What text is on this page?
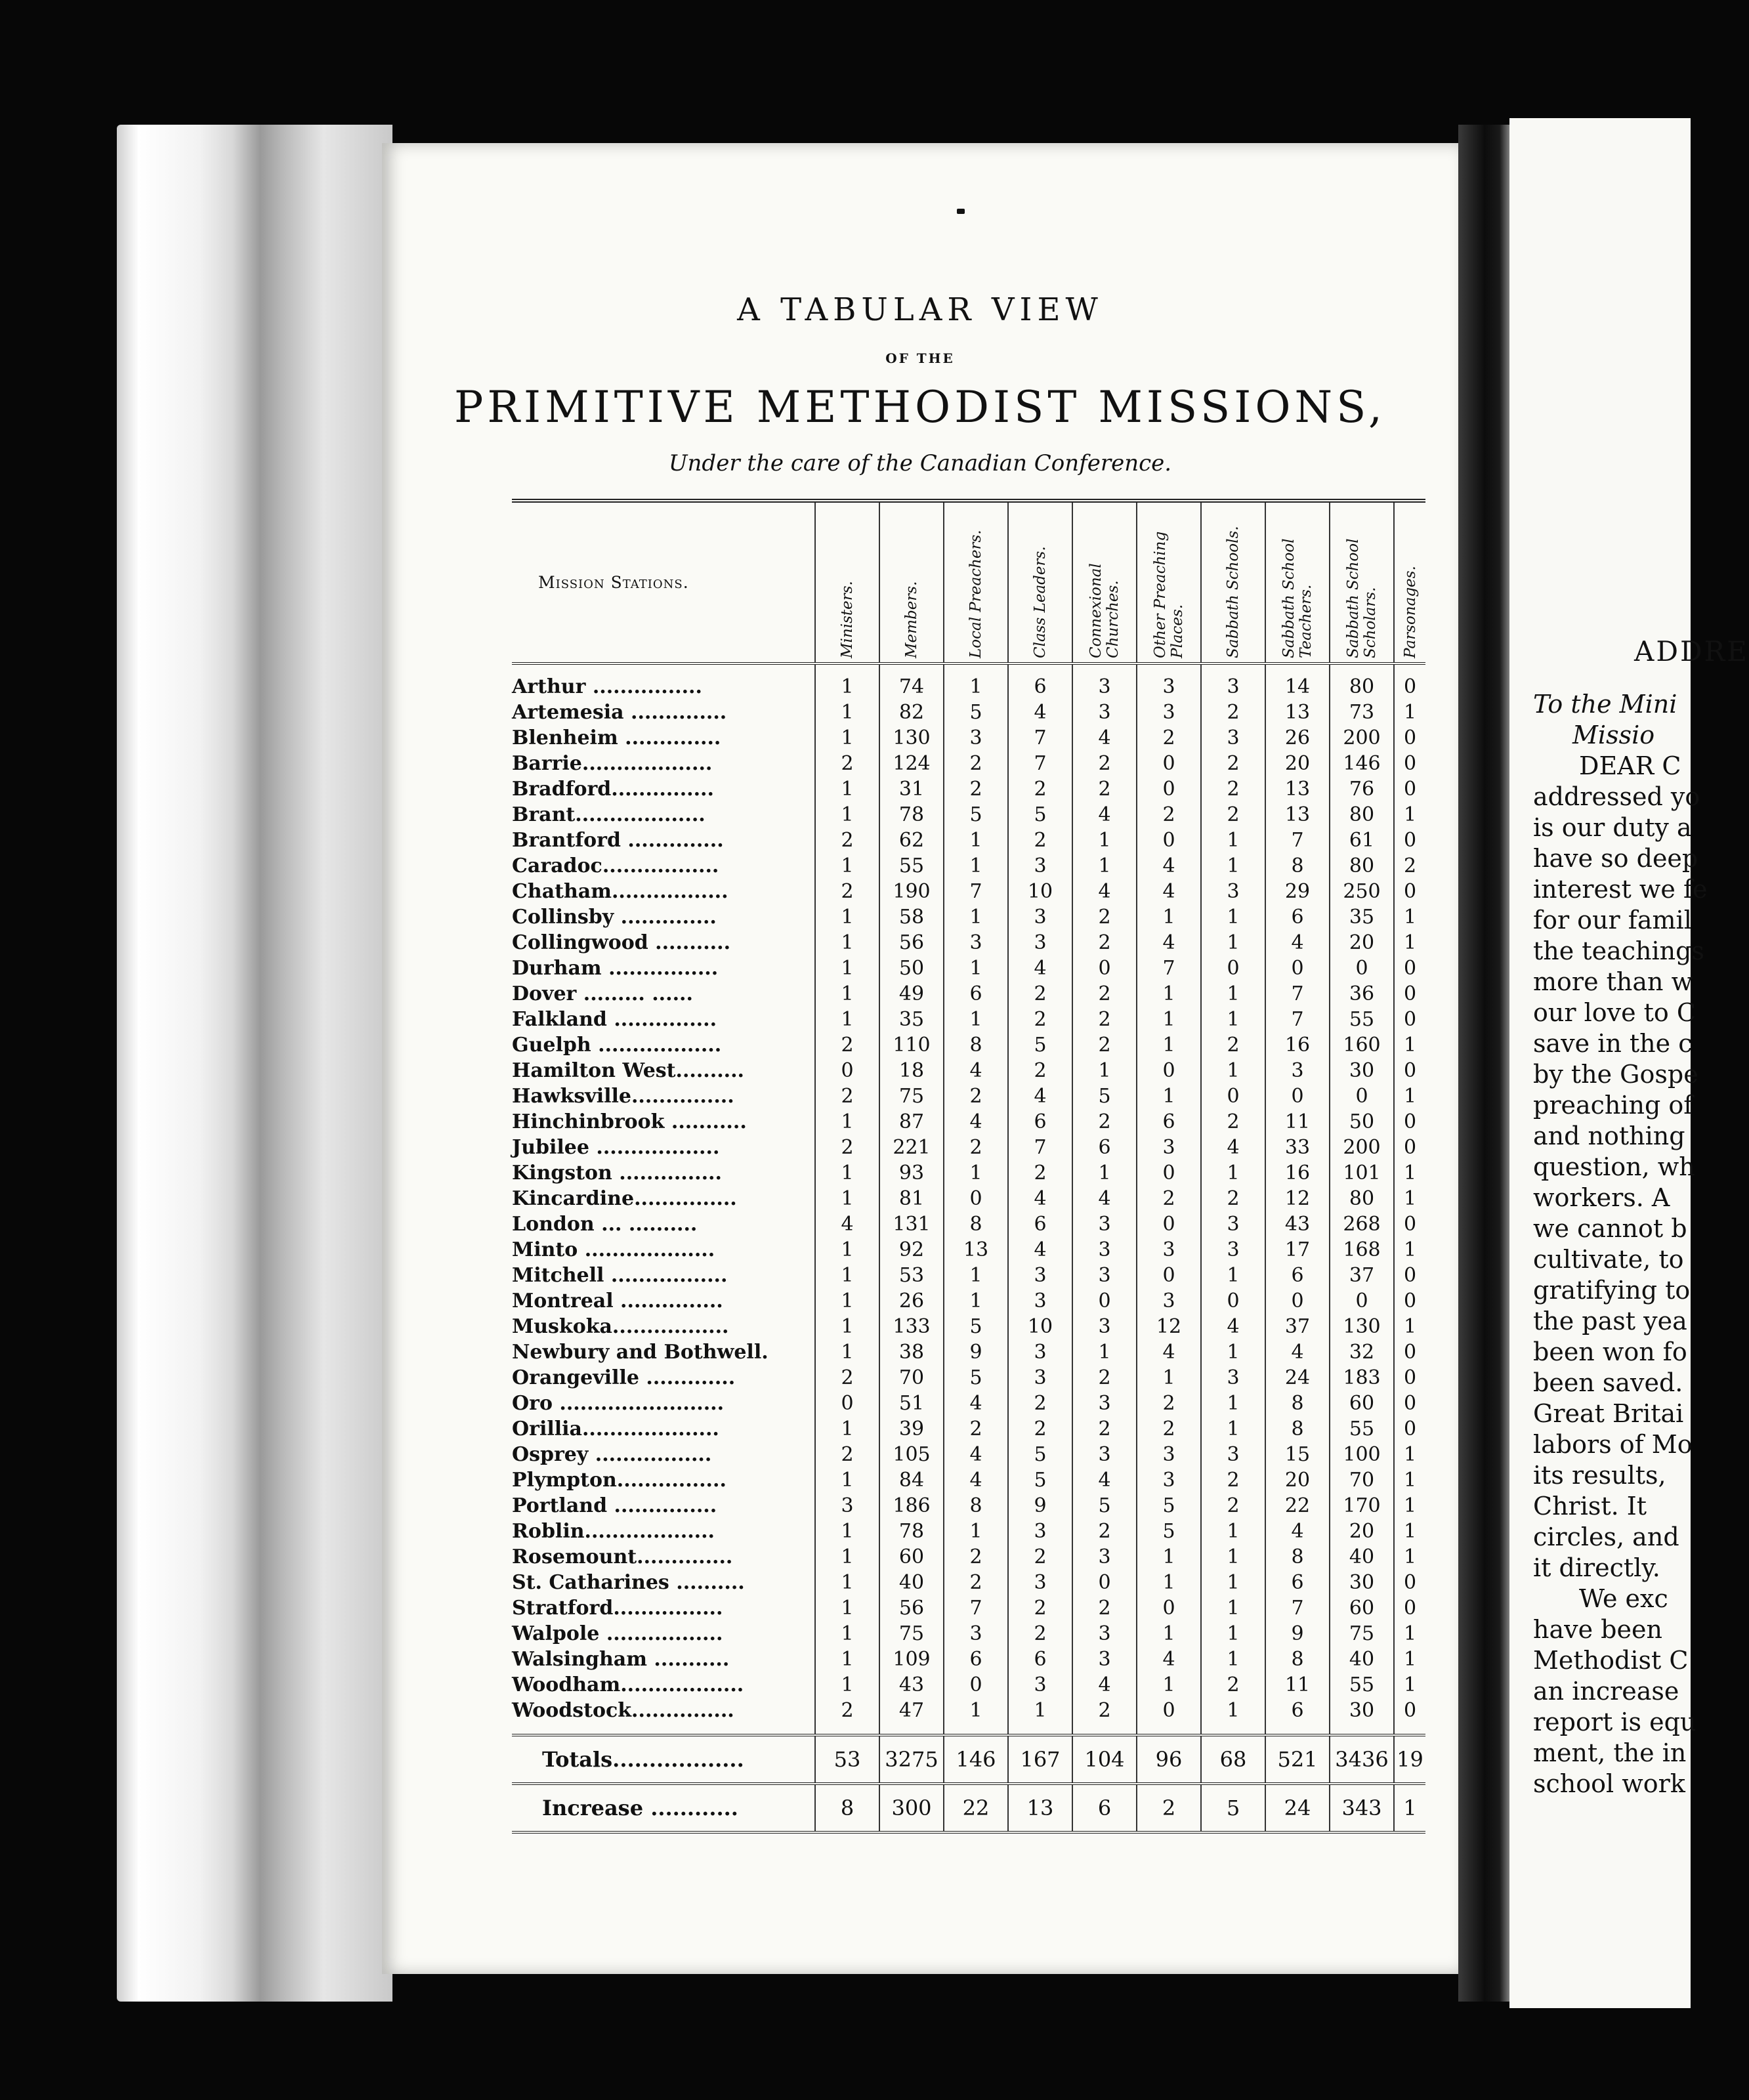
A TABULAR VIEW
OF THE
PRIMITIVE METHODIST MISSIONS,
Under the care of the Canadian Conference.
Mission Stations.	Ministers.	Members.	Local Preachers.	Class Leaders.	Connexional Churches.	Other Preaching Places.	Sabbath Schools.	Sabbath School Teachers.	Sabbath School Scholars.	Parsonages.

Arthur ................	1	74	1	6	3	3	3	14	80	0
Artemesia ..............	1	82	5	4	3	3	2	13	73	1
Blenheim ..............	1	130	3	7	4	2	3	26	200	0
Barrie...................	2	124	2	7	2	0	2	20	146	0
Bradford...............	1	31	2	2	2	0	2	13	76	0
Brant...................	1	78	5	5	4	2	2	13	80	1
Brantford ..............	2	62	1	2	1	0	1	7	61	0
Caradoc.................	1	55	1	3	1	4	1	8	80	2
Chatham.................	2	190	7	10	4	4	3	29	250	0
Collinsby ..............	1	58	1	3	2	1	1	6	35	1
Collingwood ...........	1	56	3	3	2	4	1	4	20	1
Durham ................	1	50	1	4	0	7	0	0	0	0
Dover ......... ......	1	49	6	2	2	1	1	7	36	0
Falkland ...............	1	35	1	2	2	1	1	7	55	0
Guelph ..................	2	110	8	5	2	1	2	16	160	1
Hamilton West..........	0	18	4	2	1	0	1	3	30	0
Hawksville...............	2	75	2	4	5	1	0	0	0	1
Hinchinbrook ...........	1	87	4	6	2	6	2	11	50	0
Jubilee ..................	2	221	2	7	6	3	4	33	200	0
Kingston ...............	1	93	1	2	1	0	1	16	101	1
Kincardine...............	1	81	0	4	4	2	2	12	80	1
London ... ..........	4	131	8	6	3	0	3	43	268	0
Minto ...................	1	92	13	4	3	3	3	17	168	1
Mitchell .................	1	53	1	3	3	0	1	6	37	0
Montreal ...............	1	26	1	3	0	3	0	0	0	0
Muskoka.................	1	133	5	10	3	12	4	37	130	1
Newbury and Bothwell.	1	38	9	3	1	4	1	4	32	0
Orangeville .............	2	70	5	3	2	1	3	24	183	0
Oro ........................	0	51	4	2	3	2	1	8	60	0
Orillia....................	1	39	2	2	2	2	1	8	55	0
Osprey .................	2	105	4	5	3	3	3	15	100	1
Plympton................	1	84	4	5	4	3	2	20	70	1
Portland ...............	3	186	8	9	5	5	2	22	170	1
Roblin...................	1	78	1	3	2	5	1	4	20	1
Rosemount..............	1	60	2	2	3	1	1	8	40	1
St. Catharines ..........	1	40	2	3	0	1	1	6	30	0
Stratford................	1	56	7	2	2	0	1	7	60	0
Walpole .................	1	75	3	2	3	1	1	9	75	1
Walsingham ...........	1	109	6	6	3	4	1	8	40	1
Woodham..................	1	43	0	3	4	1	2	11	55	1
Woodstock...............	2	47	1	1	2	0	1	6	30	0
Totals..................	53	3275	146	167	104	96	68	521	3436	19
Increase ............	8	300	22	13	6	2	5	24	343	1
ADDRE
To the Mini
Missio
DEAR C
addressed yo
is our duty a
have so deep
interest we fe
for our famil
the teachings
more than w
our love to C
save in the c
by the Gospe
preaching of
and nothing
question, wh
workers. A
we cannot b
cultivate, to
gratifying to
the past yea
been won fo
been saved.
Great Britai
labors of Mo
its results,
Christ. It
circles, and
it directly.
We exc
have been
Methodist C
an increase
report is equ
ment, the in
school work
